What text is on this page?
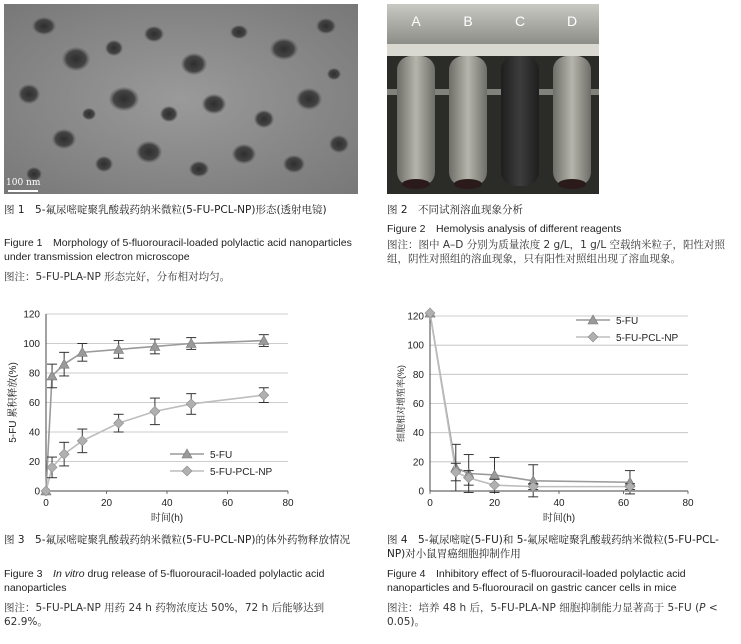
100 nm
图 1　5-氟尿嘧啶聚乳酸载药纳米微粒(5-FU-PCL-NP)形态(透射电镜)
Figure 1　Morphology of 5-fluorouracil-loaded polylactic acid nanoparticles under transmission electron microscope
图注：5-FU-PLA-NP 形态完好，分布相对均匀。
A	B	C	D
图 2　不同试剂溶血现象分析
Figure 2　Hemolysis analysis of different reagents
图注：图中 A–D 分别为质量浓度 2 g/L，1 g/L 空载纳米粒子，阳性对照组，阴性对照组的溶血现象，只有阳性对照组出现了溶血现象。
0
20
40
60
80
100
120
0	20	40	60	80
时间(h)
5-FU 累积释放(%)
5-FU
5-FU-PCL-NP
图 3　5-氟尿嘧啶聚乳酸载药纳米微粒(5-FU-PCL-NP)的体外药物释放情况
Figure 3　In vitro drug release of 5-fluorouracil-loaded polylactic acid nanoparticles
图注：5-FU-PLA-NP 用药 24 h 药物浓度达 50%，72 h 后能够达到 62.9%。
0
20
40
60
80
100
120
0	20	40	60	80
时间(h)
细胞相对增殖率(%)
5-FU
5-FU-PCL-NP
图 4　5-氟尿嘧啶(5-FU)和 5-氟尿嘧啶聚乳酸载药纳米微粒(5-FU-PCL-NP)对小鼠胃癌细胞抑制作用
Figure 4　Inhibitory effect of 5-fluorouracil-loaded polylactic acid nanoparticles and 5-fluorouracil on gastric cancer cells in mice
图注：培养 48 h 后，5-FU-PLA-NP 细胞抑制能力显著高于 5-FU (P < 0.05)。
